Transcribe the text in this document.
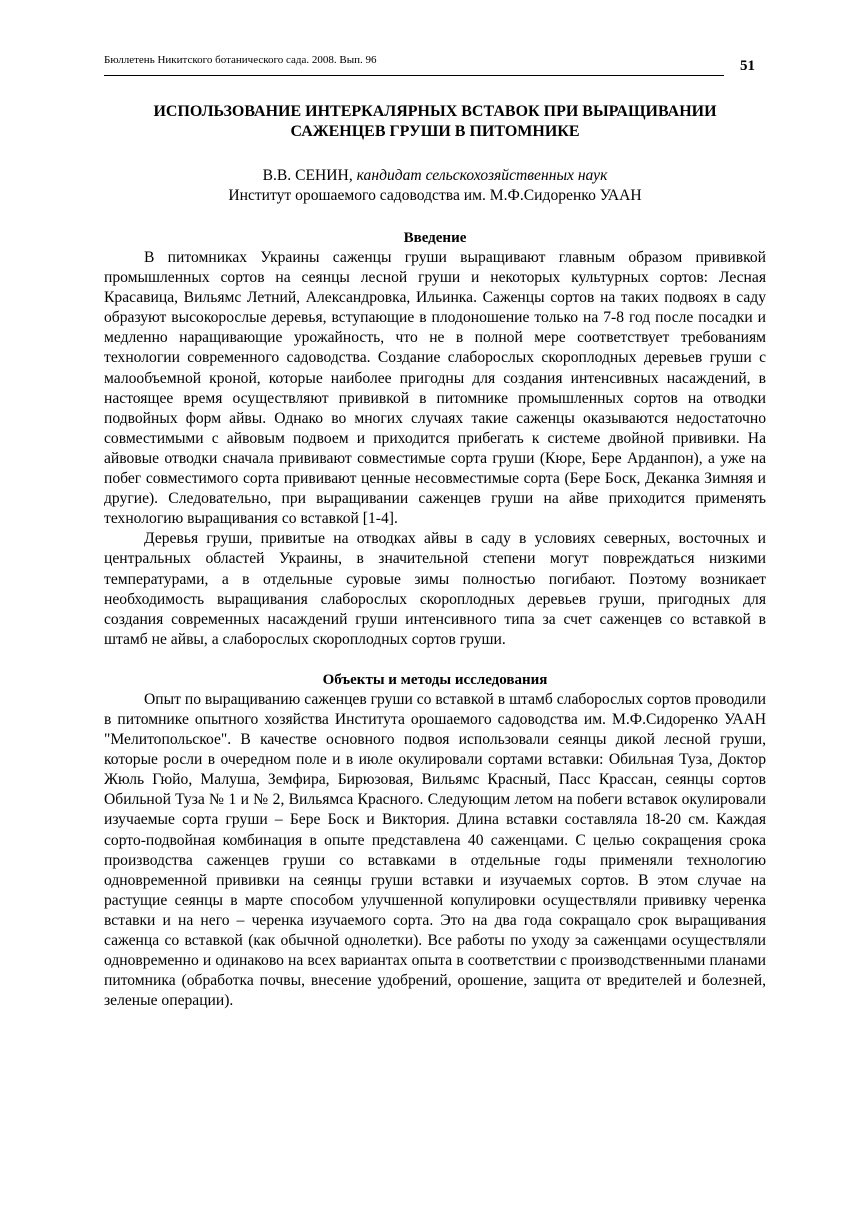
Бюллетень Никитского ботанического сада. 2008. Вып. 96	51
ИСПОЛЬЗОВАНИЕ ИНТЕРКАЛЯРНЫХ ВСТАВОК ПРИ ВЫРАЩИВАНИИ САЖЕНЦЕВ ГРУШИ В ПИТОМНИКЕ
В.В. СЕНИН, кандидат сельскохозяйственных наук
Институт орошаемого садоводства им. М.Ф.Сидоренко УААН
Введение

В питомниках Украины саженцы груши выращивают главным образом прививкой промышленных сортов на сеянцы лесной груши и некоторых культурных сортов: Лесная Красавица, Вильямс Летний, Александровка, Ильинка. Саженцы сортов на таких подвоях в саду образуют высокорослые деревья, вступающие в плодоношение только на 7-8 год после посадки и медленно наращивающие урожайность, что не в полной мере соответствует требованиям технологии современного садоводства. Создание слаборослых скороплодных деревьев груши с малообъемной кроной, которые наиболее пригодны для создания интенсивных насаждений, в настоящее время осуществляют прививкой в питомнике промышленных сортов на отводки подвойных форм айвы. Однако во многих случаях такие саженцы оказываются недостаточно совместимыми с айвовым подвоем и приходится прибегать к системе двойной прививки. На айвовые отводки сначала прививают совместимые сорта груши (Кюре, Бере Арданпон), а уже на побег совместимого сорта прививают ценные несовместимые сорта (Бере Боск, Деканка Зимняя и другие). Следовательно, при выращивании саженцев груши на айве приходится применять технологию выращивания со вставкой [1-4].

Деревья груши, привитые на отводках айвы в саду в условиях северных, восточных и центральных областей Украины, в значительной степени могут повреждаться низкими температурами, а в отдельные суровые зимы полностью погибают. Поэтому возникает необходимость выращивания слаборослых скороплодных деревьев груши, пригодных для создания современных насаждений груши интенсивного типа за счет саженцев со вставкой в штамб не айвы, а слаборослых скороплодных сортов груши.

Объекты и методы исследования

Опыт по выращиванию саженцев груши со вставкой в штамб слаборослых сортов проводили в питомнике опытного хозяйства Института орошаемого садоводства им. М.Ф.Сидоренко УААН "Мелитопольское". В качестве основного подвоя использовали сеянцы дикой лесной груши, которые росли в очередном поле и в июле окулировали сортами вставки: Обильная Туза, Доктор Жюль Гюйо, Малуша, Земфира, Бирюзовая, Вильямс Красный, Пасс Крассан, сеянцы сортов Обильной Туза № 1 и № 2, Вильямса Красного. Следующим летом на побеги вставок окулировали изучаемые сорта груши – Бере Боск и Виктория. Длина вставки составляла 18-20 см. Каждая сорто-подвойная комбинация в опыте представлена 40 саженцами. С целью сокращения срока производства саженцев груши со вставками в отдельные годы применяли технологию одновременной прививки на сеянцы груши вставки и изучаемых сортов. В этом случае на растущие сеянцы в марте способом улучшенной копулировки осуществляли прививку черенка вставки и на него – черенка изучаемого сорта. Это на два года сокращало срок выращивания саженца со вставкой (как обычной однолетки). Все работы по уходу за саженцами осуществляли одновременно и одинаково на всех вариантах опыта в соответствии с производственными планами питомника (обработка почвы, внесение удобрений, орошение, защита от вредителей и болезней, зеленые операции).
